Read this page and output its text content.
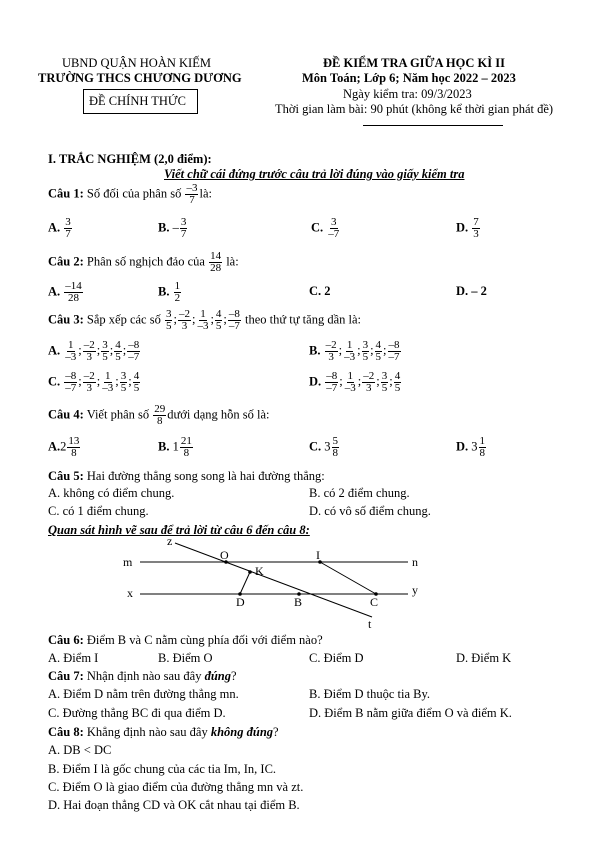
UBND QUẬN HOÀN KIẾM
TRƯỜNG THCS CHƯƠNG DƯƠNG
ĐỀ CHÍNH THỨC
ĐỀ KIỂM TRA GIỮA HỌC KÌ II
Môn Toán; Lớp 6; Năm học 2022 – 2023
Ngày kiểm tra: 09/3/2023
Thời gian làm bài: 90 phút (không kể thời gian phát đề)
I. TRẮC NGHIỆM (2,0 điểm):
Viết chữ cái đứng trước câu trả lời đúng vào giấy kiểm tra
Câu 1: Số đối của phân số $\frac{-3}{7}$ là:
A. $\frac{3}{7}$	B. – $\frac{3}{7}$	C. $\frac{3}{-7}$	D. $\frac{7}{3}$
Câu 2: Phân số nghịch đảo của $\frac{14}{28}$ là:
A. $\frac{-14}{28}$	B. $\frac{1}{2}$	C. 2	D. – 2
Câu 3: Sắp xếp các số $\frac{3}{5}$ ; $\frac{-2}{3}$ ; $\frac{1}{-3}$ ; $\frac{4}{5}$ ; $\frac{-8}{-7}$ theo thứ tự tăng dần là:
A. $\frac{1}{-3}$ ; $\frac{-2}{3}$ ; $\frac{3}{5}$ ; $\frac{4}{5}$ ; $\frac{-8}{-7}$	B. $\frac{-2}{3}$ ; $\frac{1}{-3}$ ; $\frac{3}{5}$ ; $\frac{4}{5}$ ; $\frac{-8}{-7}$
C. $\frac{-8}{-7}$ ; $\frac{-2}{3}$ ; $\frac{1}{-3}$ ; $\frac{3}{5}$ ; $\frac{4}{5}$	D. $\frac{-8}{-7}$ ; $\frac{1}{-3}$ ; $\frac{-2}{3}$ ; $\frac{3}{5}$ ; $\frac{4}{5}$
Câu 4: Viết phân số $\frac{29}{8}$ dưới dạng hỗn số là:
$A.2 \frac{13}{8}$	B. $1 \frac{21}{8}$	C. $3 \frac{5}{8}$	D. $3 \frac{1}{8}$
Câu 5: Hai đường thẳng song song là hai đường thẳng:
A. không có điểm chung.	B. có 2 điểm chung.
C. có 1 điểm chung.	D. có vô số điểm chung.
Quan sát hình vẽ sau để trả lời từ câu 6 đến câu 8:
z
m	O	I	n
K
x	y
D	B	C
t
Câu 6: Điểm B và C nằm cùng phía đối với điểm nào?
A. Điểm I	B. Điểm O	C. Điểm D	D. Điểm K
Câu 7: Nhận định nào sau đây đúng?
A. Điểm D nằm trên đường thẳng mn.	B. Điểm D thuộc tia By.
C. Đường thẳng BC đi qua điểm D.	D. Điểm B nằm giữa điểm O và điểm K.
Câu 8: Khẳng định nào sau đây không đúng?
A. DB < DC
B. Điểm I là gốc chung của các tia Im, In, IC.
C. Điểm O là giao điểm của đường thẳng mn và zt.
D. Hai đoạn thẳng CD và OK cắt nhau tại điểm B.
